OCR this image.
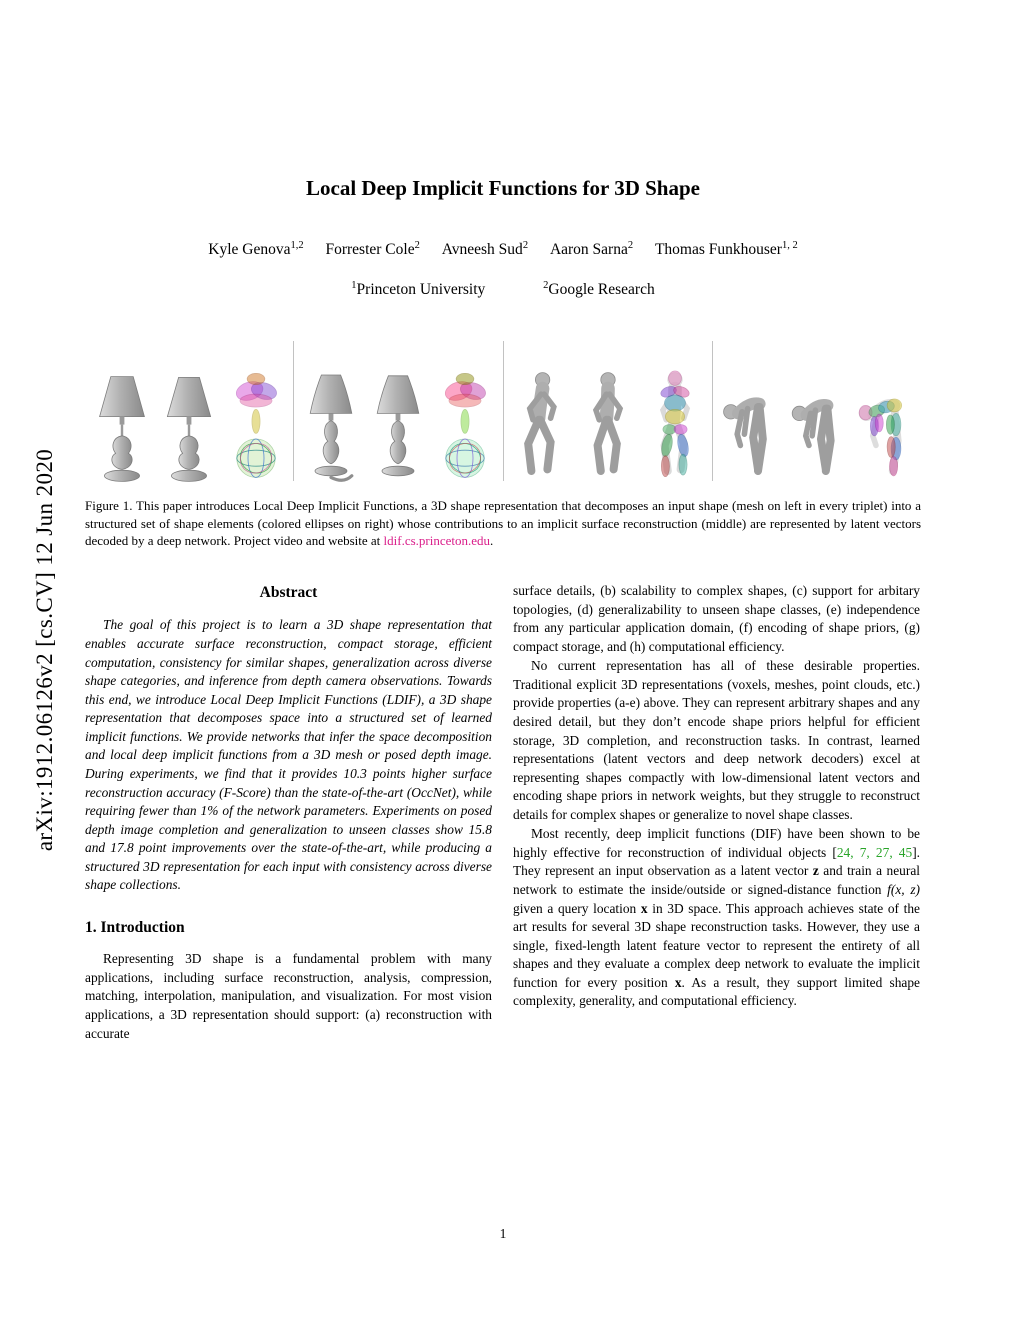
arXiv:1912.06126v2 [cs.CV] 12 Jun 2020
Local Deep Implicit Functions for 3D Shape
Kyle Genova$^{1,2}$ Forrester Cole$^2$ Avneesh Sud$^2$ Aaron Sarna$^2$ Thomas Funkhouser$^{1, 2}$
$^1$Princeton University	$^2$Google Research
Figure 1. This paper introduces Local Deep Implicit Functions, a 3D shape representation that decomposes an input shape (mesh on left in every triplet) into a structured set of shape elements (colored ellipses on right) whose contributions to an implicit surface reconstruction (middle) are represented by latent vectors decoded by a deep network. Project video and website at ldif.cs.princeton.edu.
Abstract

The goal of this project is to learn a 3D shape representation that enables accurate surface reconstruction, compact storage, efficient computation, consistency for similar shapes, generalization across diverse shape categories, and inference from depth camera observations. Towards this end, we introduce Local Deep Implicit Functions (LDIF), a 3D shape representation that decomposes space into a structured set of learned implicit functions. We provide networks that infer the space decomposition and local deep implicit functions from a 3D mesh or posed depth image. During experiments, we find that it provides 10.3 points higher surface reconstruction accuracy (F-Score) than the state-of-the-art (OccNet), while requiring fewer than 1% of the network parameters. Experiments on posed depth image completion and generalization to unseen classes show 15.8 and 17.8 point improvements over the state-of-the-art, while producing a structured 3D representation for each input with consistency across diverse shape collections.

1. Introduction

Representing 3D shape is a fundamental problem with many applications, including surface reconstruction, analysis, compression, matching, interpolation, manipulation, and visualization. For most vision applications, a 3D representation should support: (a) reconstruction with accurate

surface details, (b) scalability to complex shapes, (c) support for arbitary topologies, (d) generalizability to unseen shape classes, (e) independence from any particular application domain, (f) encoding of shape priors, (g) compact storage, and (h) computational efficiency.

No current representation has all of these desirable properties. Traditional explicit 3D representations (voxels, meshes, point clouds, etc.) provide properties (a-e) above. They can represent arbitrary shapes and any desired detail, but they don’t encode shape priors helpful for efficient storage, 3D completion, and reconstruction tasks. In contrast, learned representations (latent vectors and deep network decoders) excel at representing shapes compactly with low-dimensional latent vectors and encoding shape priors in network weights, but they struggle to reconstruct details for complex shapes or generalize to novel shape classes.

Most recently, deep implicit functions (DIF) have been shown to be highly effective for reconstruction of individual objects [24, 7, 27, 45]. They represent an input observation as a latent vector z and train a neural network to estimate the inside/outside or signed-distance function f(x, z) given a query location x in 3D space. This approach achieves state of the art results for several 3D shape reconstruction tasks. However, they use a single, fixed-length latent feature vector to represent the entirety of all shapes and they evaluate a complex deep network to evaluate the implicit function for every position x. As a result, they support limited shape complexity, generality, and computational efficiency.

1
